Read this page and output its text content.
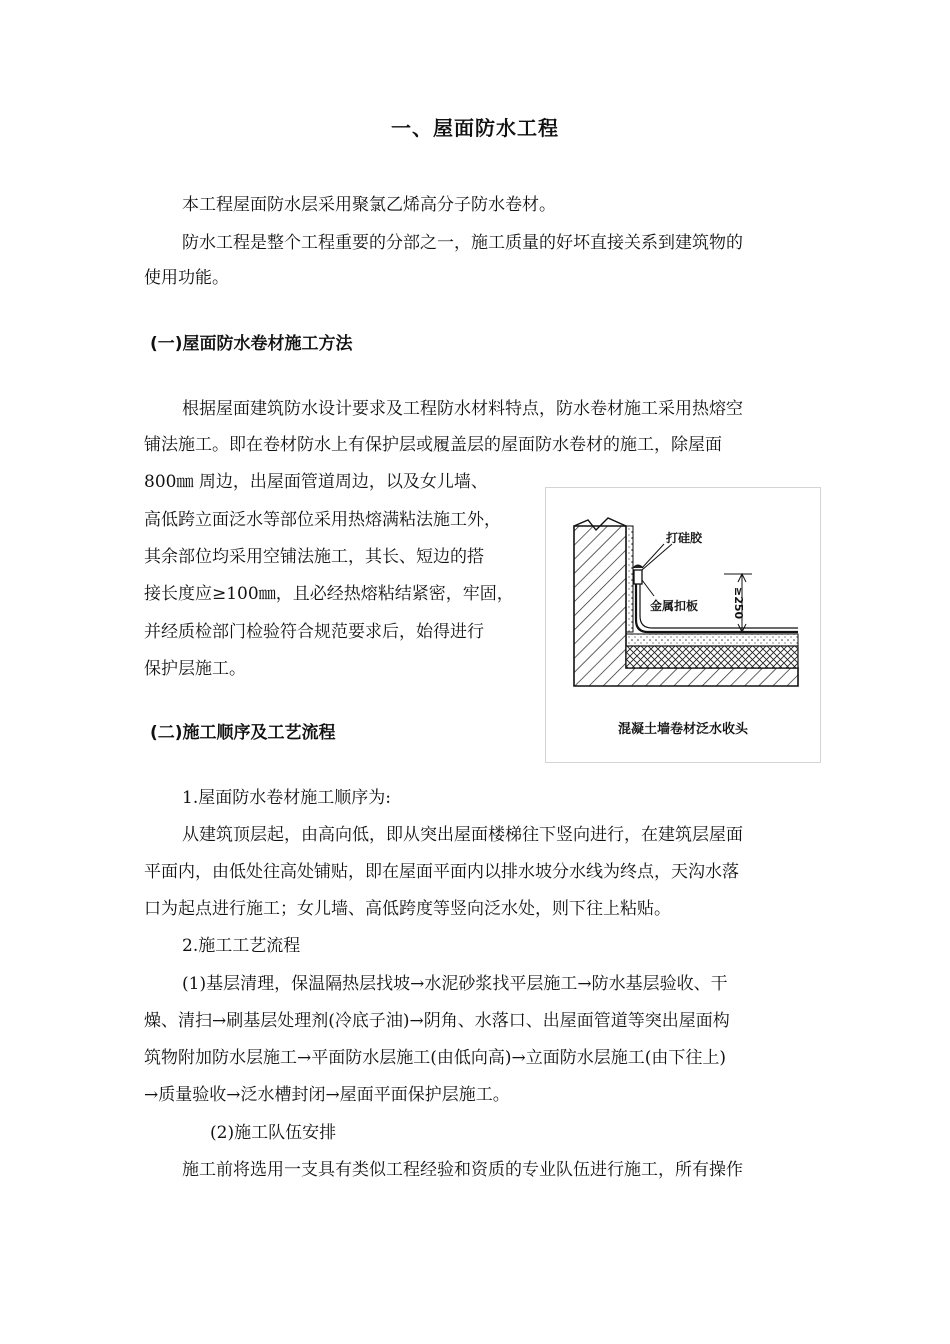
一、屋面防水工程
本工程屋面防水层采用聚氯乙烯高分子防水卷材。
防水工程是整个工程重要的分部之一，施工质量的好坏直接关系到建筑物的
使用功能。
(一)屋面防水卷材施工方法
根据屋面建筑防水设计要求及工程防水材料特点，防水卷材施工采用热熔空
铺法施工。即在卷材防水上有保护层或履盖层的屋面防水卷材的施工，除屋面
800㎜ 周边，出屋面管道周边，以及女儿墙、
高低跨立面泛水等部位采用热熔满粘法施工外，
其余部位均采用空铺法施工，其长、短边的搭
接长度应≥100㎜，且必经热熔粘结紧密，牢固，
并经质检部门检验符合规范要求后，始得进行
保护层施工。
打硅胶
金属扣板	≥250
混凝土墙卷材泛水收头
(二)施工顺序及工艺流程
1.屋面防水卷材施工顺序为:
从建筑顶层起，由高向低，即从突出屋面楼梯往下竖向进行，在建筑层屋面
平面内，由低处往高处铺贴，即在屋面平面内以排水坡分水线为终点，天沟水落
口为起点进行施工；女儿墙、高低跨度等竖向泛水处，则下往上粘贴。
2.施工工艺流程
(1)基层清理，保温隔热层找坡→水泥砂浆找平层施工→防水基层验收、干
燥、清扫→刷基层处理剂(冷底子油)→阴角、水落口、出屋面管道等突出屋面构
筑物附加防水层施工→平面防水层施工(由低向高)→立面防水层施工(由下往上)
→质量验收→泛水槽封闭→屋面平面保护层施工。
(2)施工队伍安排
施工前将选用一支具有类似工程经验和资质的专业队伍进行施工，所有操作
